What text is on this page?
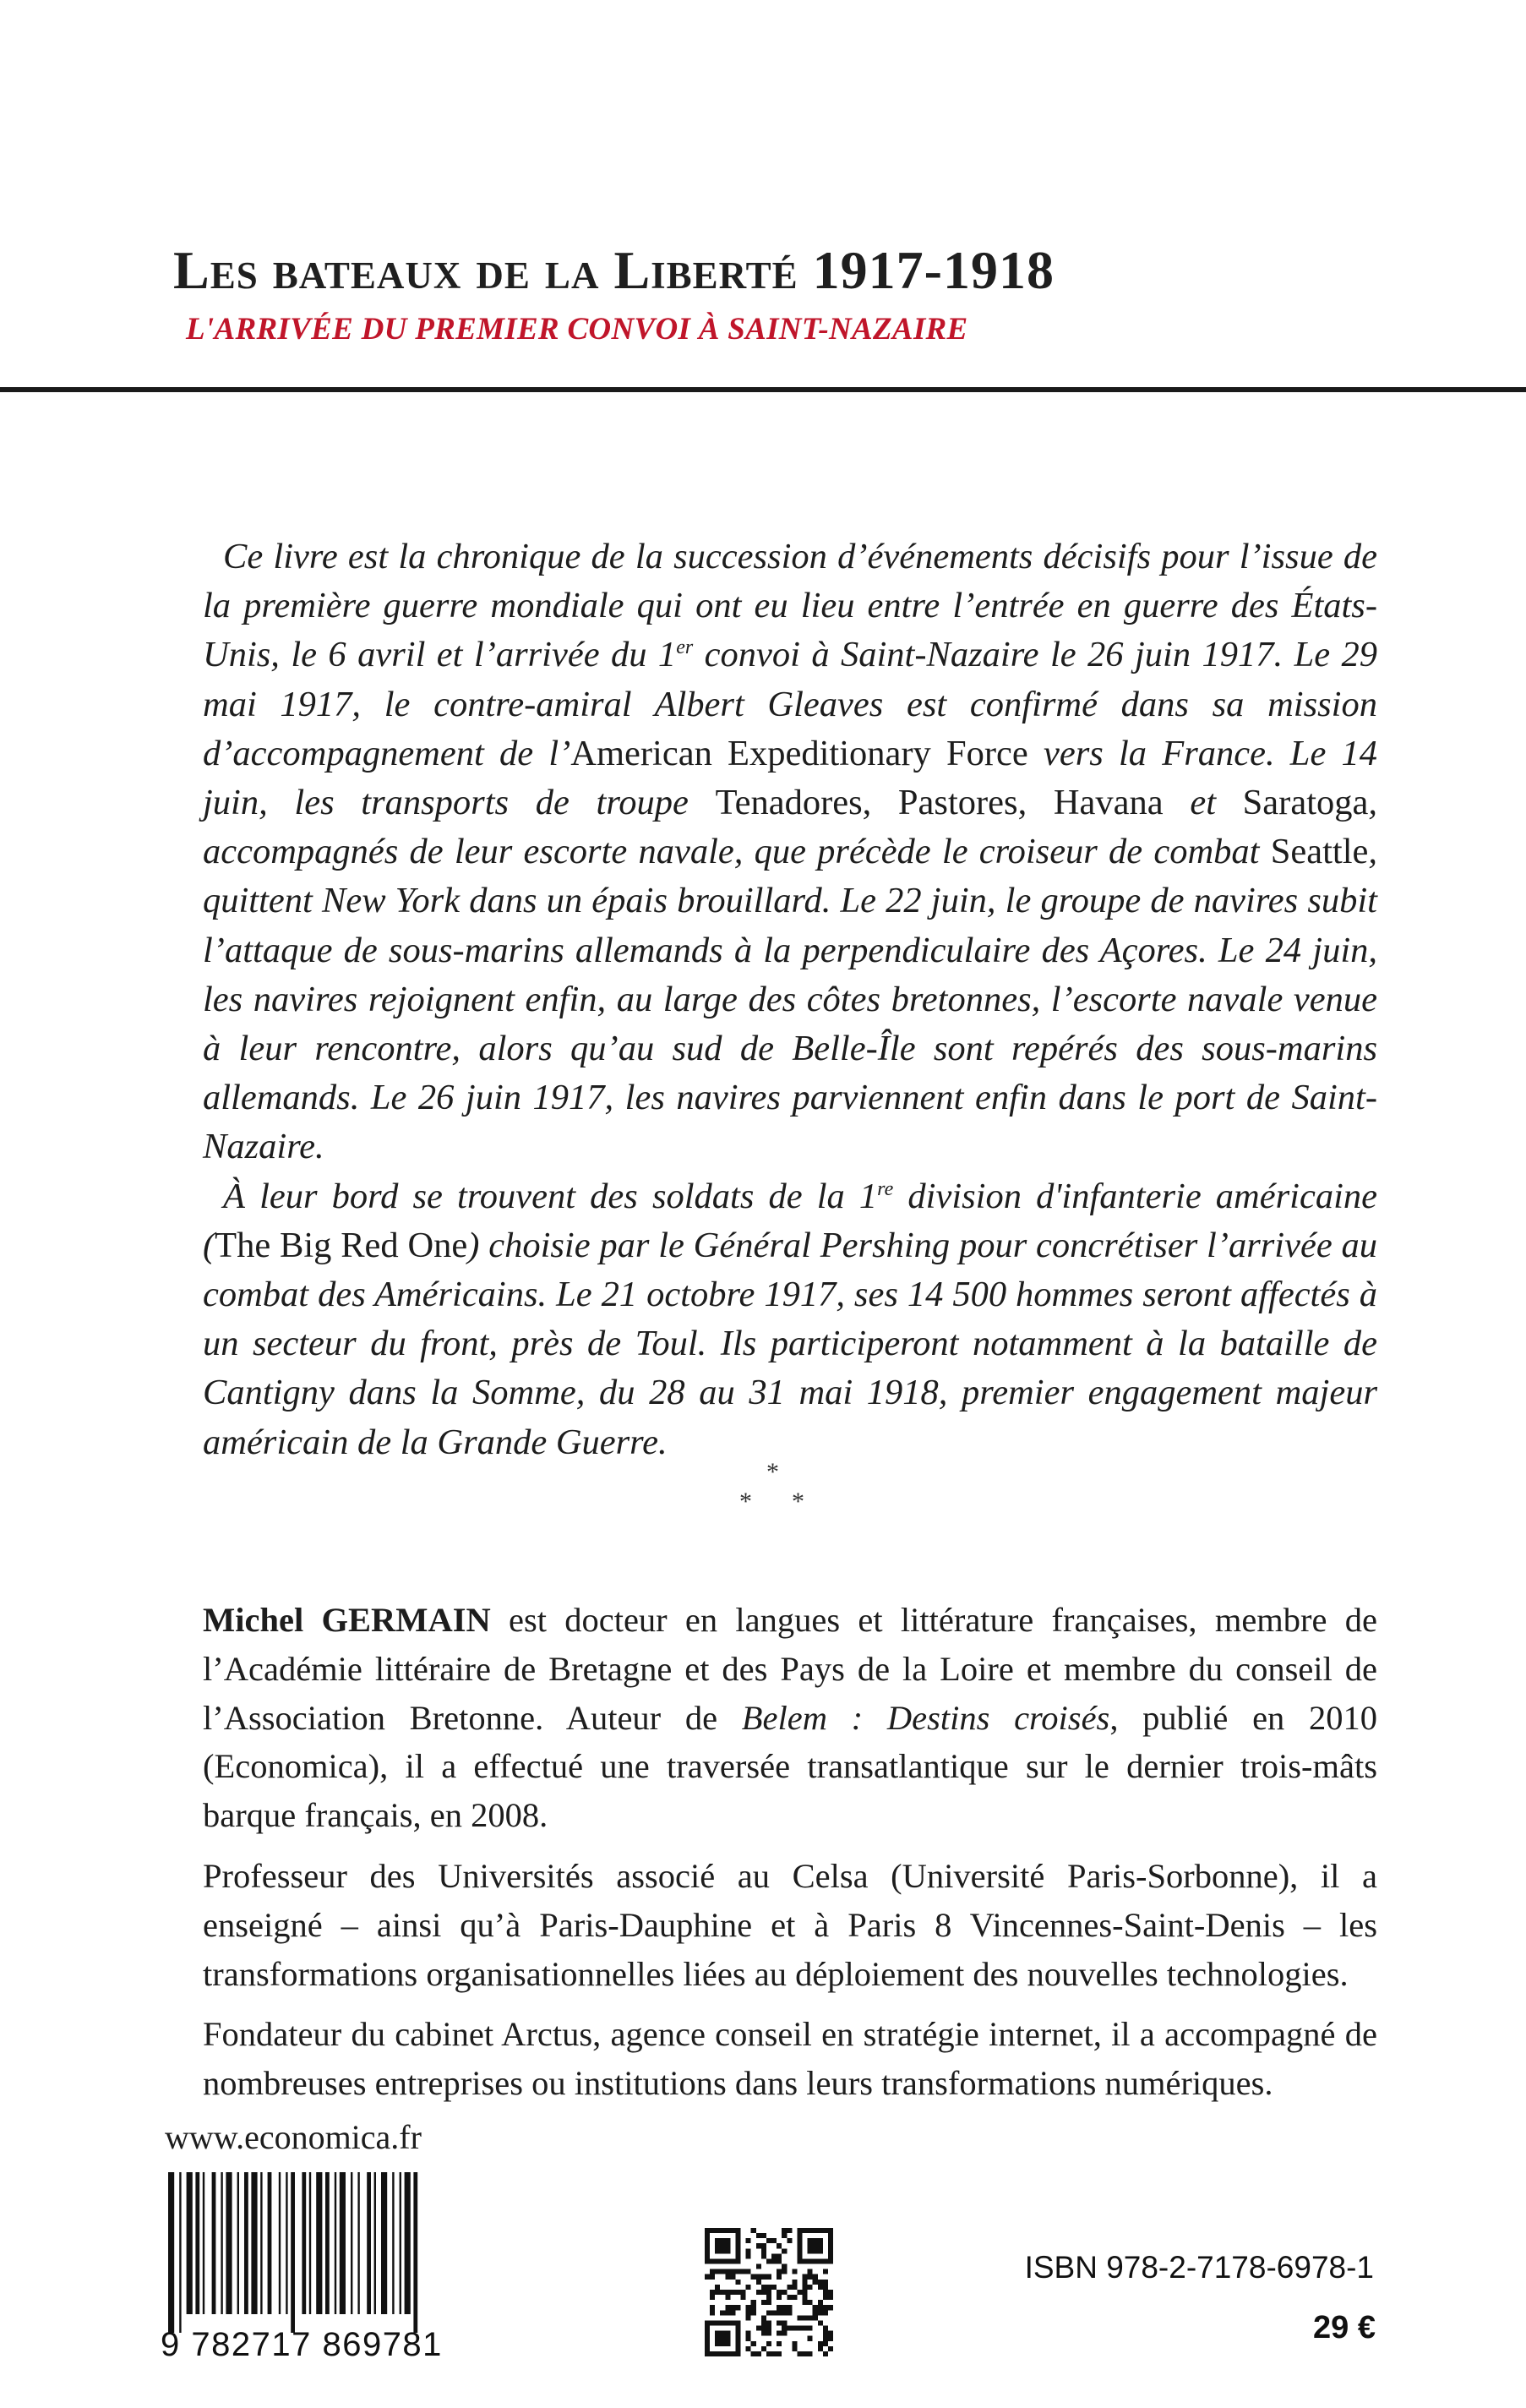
Les bateaux de la Liberté 1917-1918
L'ARRIVÉE DU PREMIER CONVOI À SAINT-NAZAIRE

Ce livre est la chronique de la succession d’événements décisifs pour l’issue de la première guerre mondiale qui ont eu lieu entre l’entrée en guerre des États-Unis, le 6 avril et l’arrivée du 1er convoi à Saint-Nazaire le 26 juin 1917. Le 29 mai 1917, le contre-amiral Albert Gleaves est confirmé dans sa mission d’accompagnement de l’American Expeditionary Force vers la France. Le 14 juin, les transports de troupe Tenadores, Pastores, Havana et Saratoga, accompagnés de leur escorte navale, que précède le croiseur de combat Seattle, quittent New York dans un épais brouillard. Le 22 juin, le groupe de navires subit l’attaque de sous-marins allemands à la perpendiculaire des Açores. Le 24 juin, les navires rejoignent enfin, au large des côtes bretonnes, l’escorte navale venue à leur rencontre, alors qu’au sud de Belle-Île sont repérés des sous-marins allemands. Le 26 juin 1917, les navires parviennent enfin dans le port de Saint-Nazaire.

À leur bord se trouvent des soldats de la 1re division d'infanterie américaine (The Big Red One) choisie par le Général Pershing pour concrétiser l’arrivée au combat des Américains. Le 21 octobre 1917, ses 14 500 hommes seront affectés à un secteur du front, près de Toul. Ils participeront notamment à la bataille de Cantigny dans la Somme, du 28 au 31 mai 1918, premier engagement majeur américain de la Grande Guerre.

*
* *

Michel GERMAIN est docteur en langues et littérature françaises, membre de l’Académie littéraire de Bretagne et des Pays de la Loire et membre du conseil de l’Association Bretonne. Auteur de Belem : Destins croisés, publié en 2010 (Economica), il a effectué une traversée transatlantique sur le dernier trois-mâts barque français, en 2008.

Professeur des Universités associé au Celsa (Université Paris-Sorbonne), il a enseigné – ainsi qu’à Paris-Dauphine et à Paris 8 Vincennes-Saint-Denis – les transformations organisationnelles liées au déploiement des nouvelles technologies.

Fondateur du cabinet Arctus, agence conseil en stratégie internet, il a accompagné de nombreuses entreprises ou institutions dans leurs transformations numériques.

www.economica.fr
9 782717 869781
ISBN 978-2-7178-6978-1
29 €
